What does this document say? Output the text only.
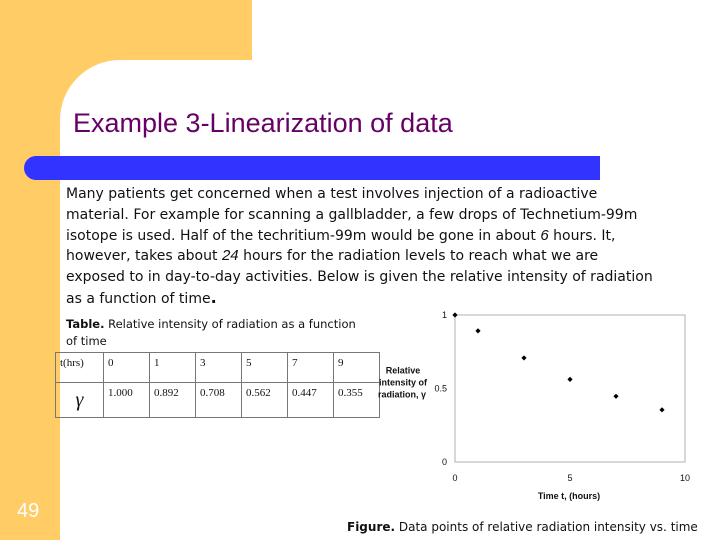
Example 3-Linearization of data

Many patients get concerned when a test involves injection of a radioactive material. For example for scanning a gallbladder, a few drops of Technetium-99m isotope is used. Half of the techritium-99m would be gone in about 6 hours. It, however, takes about 24 hours for the radiation levels to reach what we are exposed to in day-to-day activities. Below is given the relative intensity of radiation as a function of time.

Table. Relative intensity of radiation as a function of time
t(hrs)	0	1	3	5	7	9

γ	1.000	0.892	0.708	0.562	0.447	0.355
0
0.5
1
0	5	10
Time t, (hours)
Relative
intensity of
radiation, γ
49
Figure. Data points of relative radiation intensity vs. time
